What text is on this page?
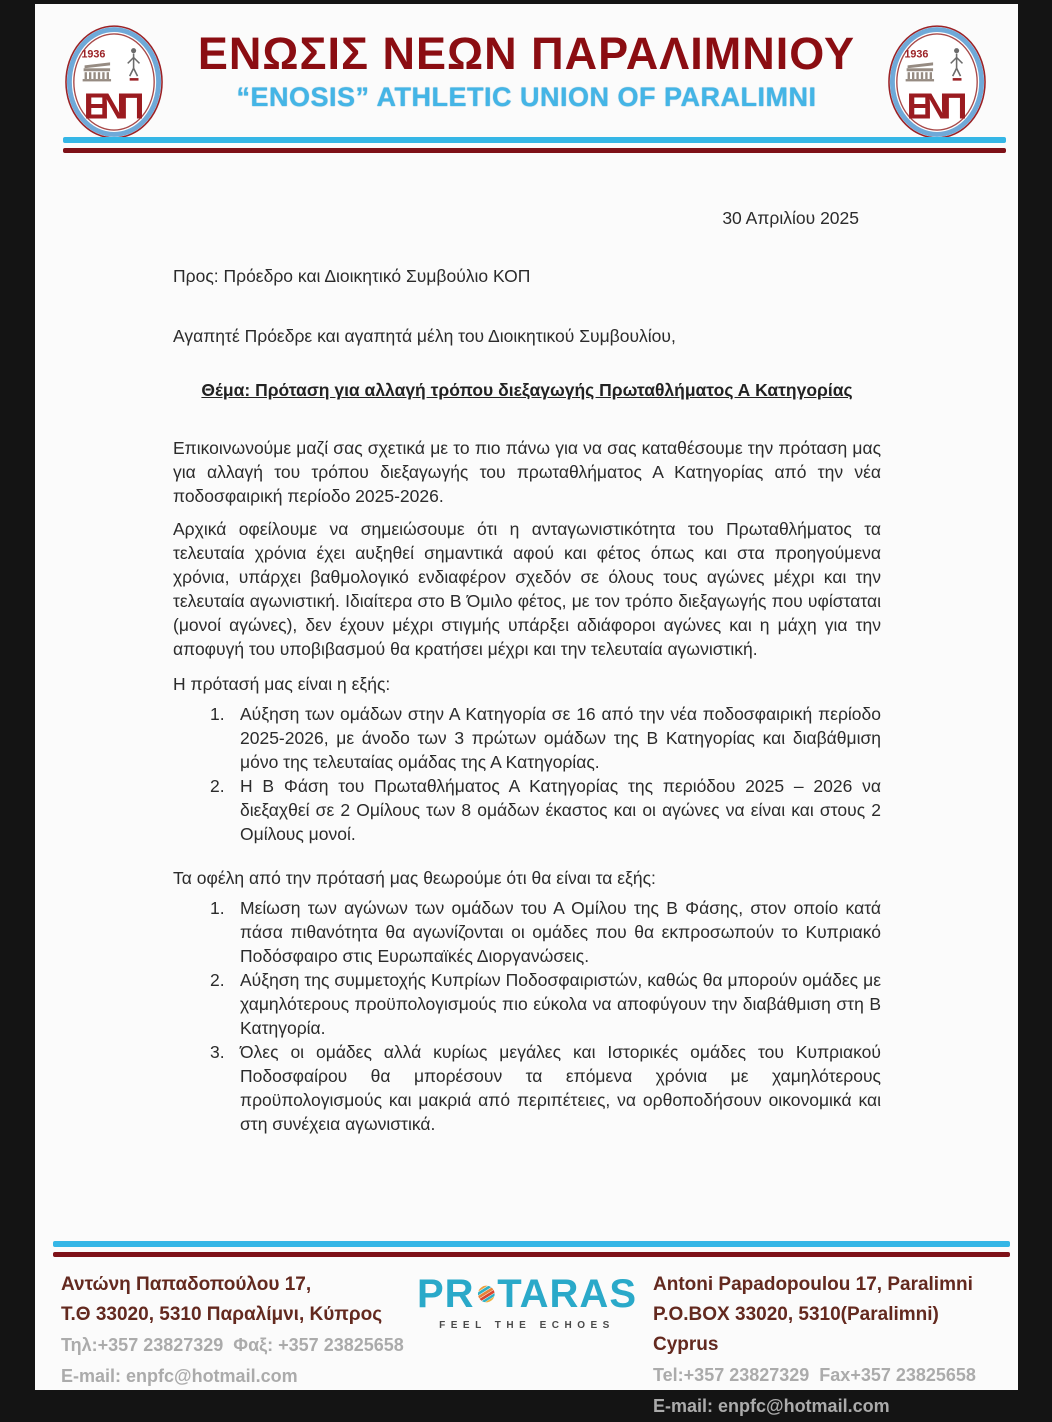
1936
ΕΝΠ
ΕΝΩΣΙΣ ΝΕΩΝ ΠΑΡΑΛΙΜΝΙΟΥ
“ENOSIS” ATHLETIC UNION OF PARALIMNI
1936
ΕΝΠ
30 Απριλίου 2025
Προς: Πρόεδρο και Διοικητικό Συμβούλιο ΚΟΠ
Αγαπητέ Πρόεδρε και αγαπητά μέλη του Διοικητικού Συμβουλίου,
Θέμα: Πρόταση για αλλαγή τρόπου διεξαγωγής Πρωταθλήματος Α Κατηγορίας

Επικοινωνούμε μαζί σας σχετικά με το πιο πάνω για να σας καταθέσουμε την πρόταση μας για αλλαγή του τρόπου διεξαγωγής του πρωταθλήματος Α Κατηγορίας από την νέα ποδοσφαιρική περίοδο 2025-2026.

Αρχικά οφείλουμε να σημειώσουμε ότι η ανταγωνιστικότητα του Πρωταθλήματος τα τελευταία χρόνια έχει αυξηθεί σημαντικά αφού και φέτος όπως και στα προηγούμενα χρόνια, υπάρχει βαθμολογικό ενδιαφέρον σχεδόν σε όλους τους αγώνες μέχρι και την τελευταία αγωνιστική. Ιδιαίτερα στο Β Όμιλο φέτος, με τον τρόπο διεξαγωγής που υφίσταται (μονοί αγώνες), δεν έχουν μέχρι στιγμής υπάρξει αδιάφοροι αγώνες και η μάχη για την αποφυγή του υποβιβασμού θα κρατήσει μέχρι και την τελευταία αγωνιστική.

Η πρότασή μας είναι η εξής:
1. Αύξηση των ομάδων στην Α Κατηγορία σε 16 από την νέα ποδοσφαιρική περίοδο 2025-2026, με άνοδο των 3 πρώτων ομάδων της Β Κατηγορίας και διαβάθμιση μόνο της τελευταίας ομάδας της Α Κατηγορίας.
2. Η Β Φάση του Πρωταθλήματος Α Κατηγορίας της περιόδου 2025 – 2026 να διεξαχθεί σε 2 Ομίλους των 8 ομάδων έκαστος και οι αγώνες να είναι και στους 2 Ομίλους μονοί.
Τα οφέλη από την πρότασή μας θεωρούμε ότι θα είναι τα εξής:
1. Μείωση των αγώνων των ομάδων του Α Ομίλου της Β Φάσης, στον οποίο κατά πάσα πιθανότητα θα αγωνίζονται οι ομάδες που θα εκπροσωπούν το Κυπριακό Ποδόσφαιρο στις Ευρωπαϊκές Διοργανώσεις.
2. Αύξηση της συμμετοχής Κυπρίων Ποδοσφαιριστών, καθώς θα μπορούν ομάδες με χαμηλότερους προϋπολογισμούς πιο εύκολα να αποφύγουν την διαβάθμιση στη Β Κατηγορία.
3. Όλες οι ομάδες αλλά κυρίως μεγάλες και Ιστορικές ομάδες του Κυπριακού Ποδοσφαίρου θα μπορέσουν τα επόμενα χρόνια με χαμηλότερους προϋπολογισμούς και μακριά από περιπέτειες, να ορθοποδήσουν οικονομικά και στη συνέχεια αγωνιστικά.
Αντώνη Παπαδοπούλου 17,
Τ.Θ 33020, 5310 Παραλίμνι, Κύπρος
Τηλ:+357 23827329  Φαξ: +357 23825658
E-mail: enpfc@hotmail.com
PR TARAS
FEEL THE ECHOES
Antoni Papadopoulou 17, Paralimni
P.O.BOX 33020, 5310(Paralimni) Cyprus
Tel:+357 23827329  Fax+357 23825658
E-mail: enpfc@hotmail.com
